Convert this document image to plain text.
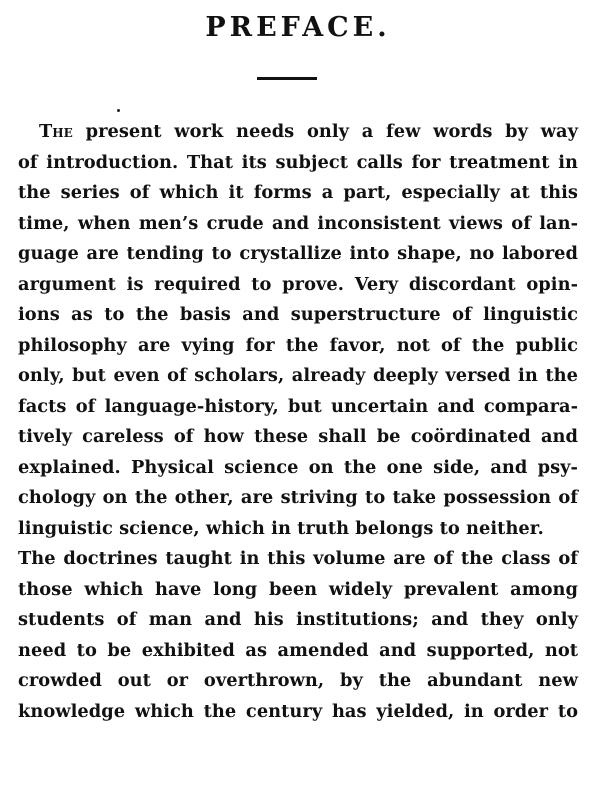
PREFACE.
The present work needs only a few words by way
of introduction. That its subject calls for treatment in
the series of which it forms a part, especially at this
time, when men’s crude and inconsistent views of lan-
guage are tending to crystallize into shape, no labored
argument is required to prove. Very discordant opin-
ions as to the basis and superstructure of linguistic
philosophy are vying for the favor, not of the public
only, but even of scholars, already deeply versed in the
facts of language-history, but uncertain and compara-
tively careless of how these shall be coördinated and
explained. Physical science on the one side, and psy-
chology on the other, are striving to take possession of
linguistic science, which in truth belongs to neither.
The doctrines taught in this volume are of the class of
those which have long been widely prevalent among
students of man and his institutions; and they only
need to be exhibited as amended and supported, not
crowded out or overthrown, by the abundant new
knowledge which the century has yielded, in order to
